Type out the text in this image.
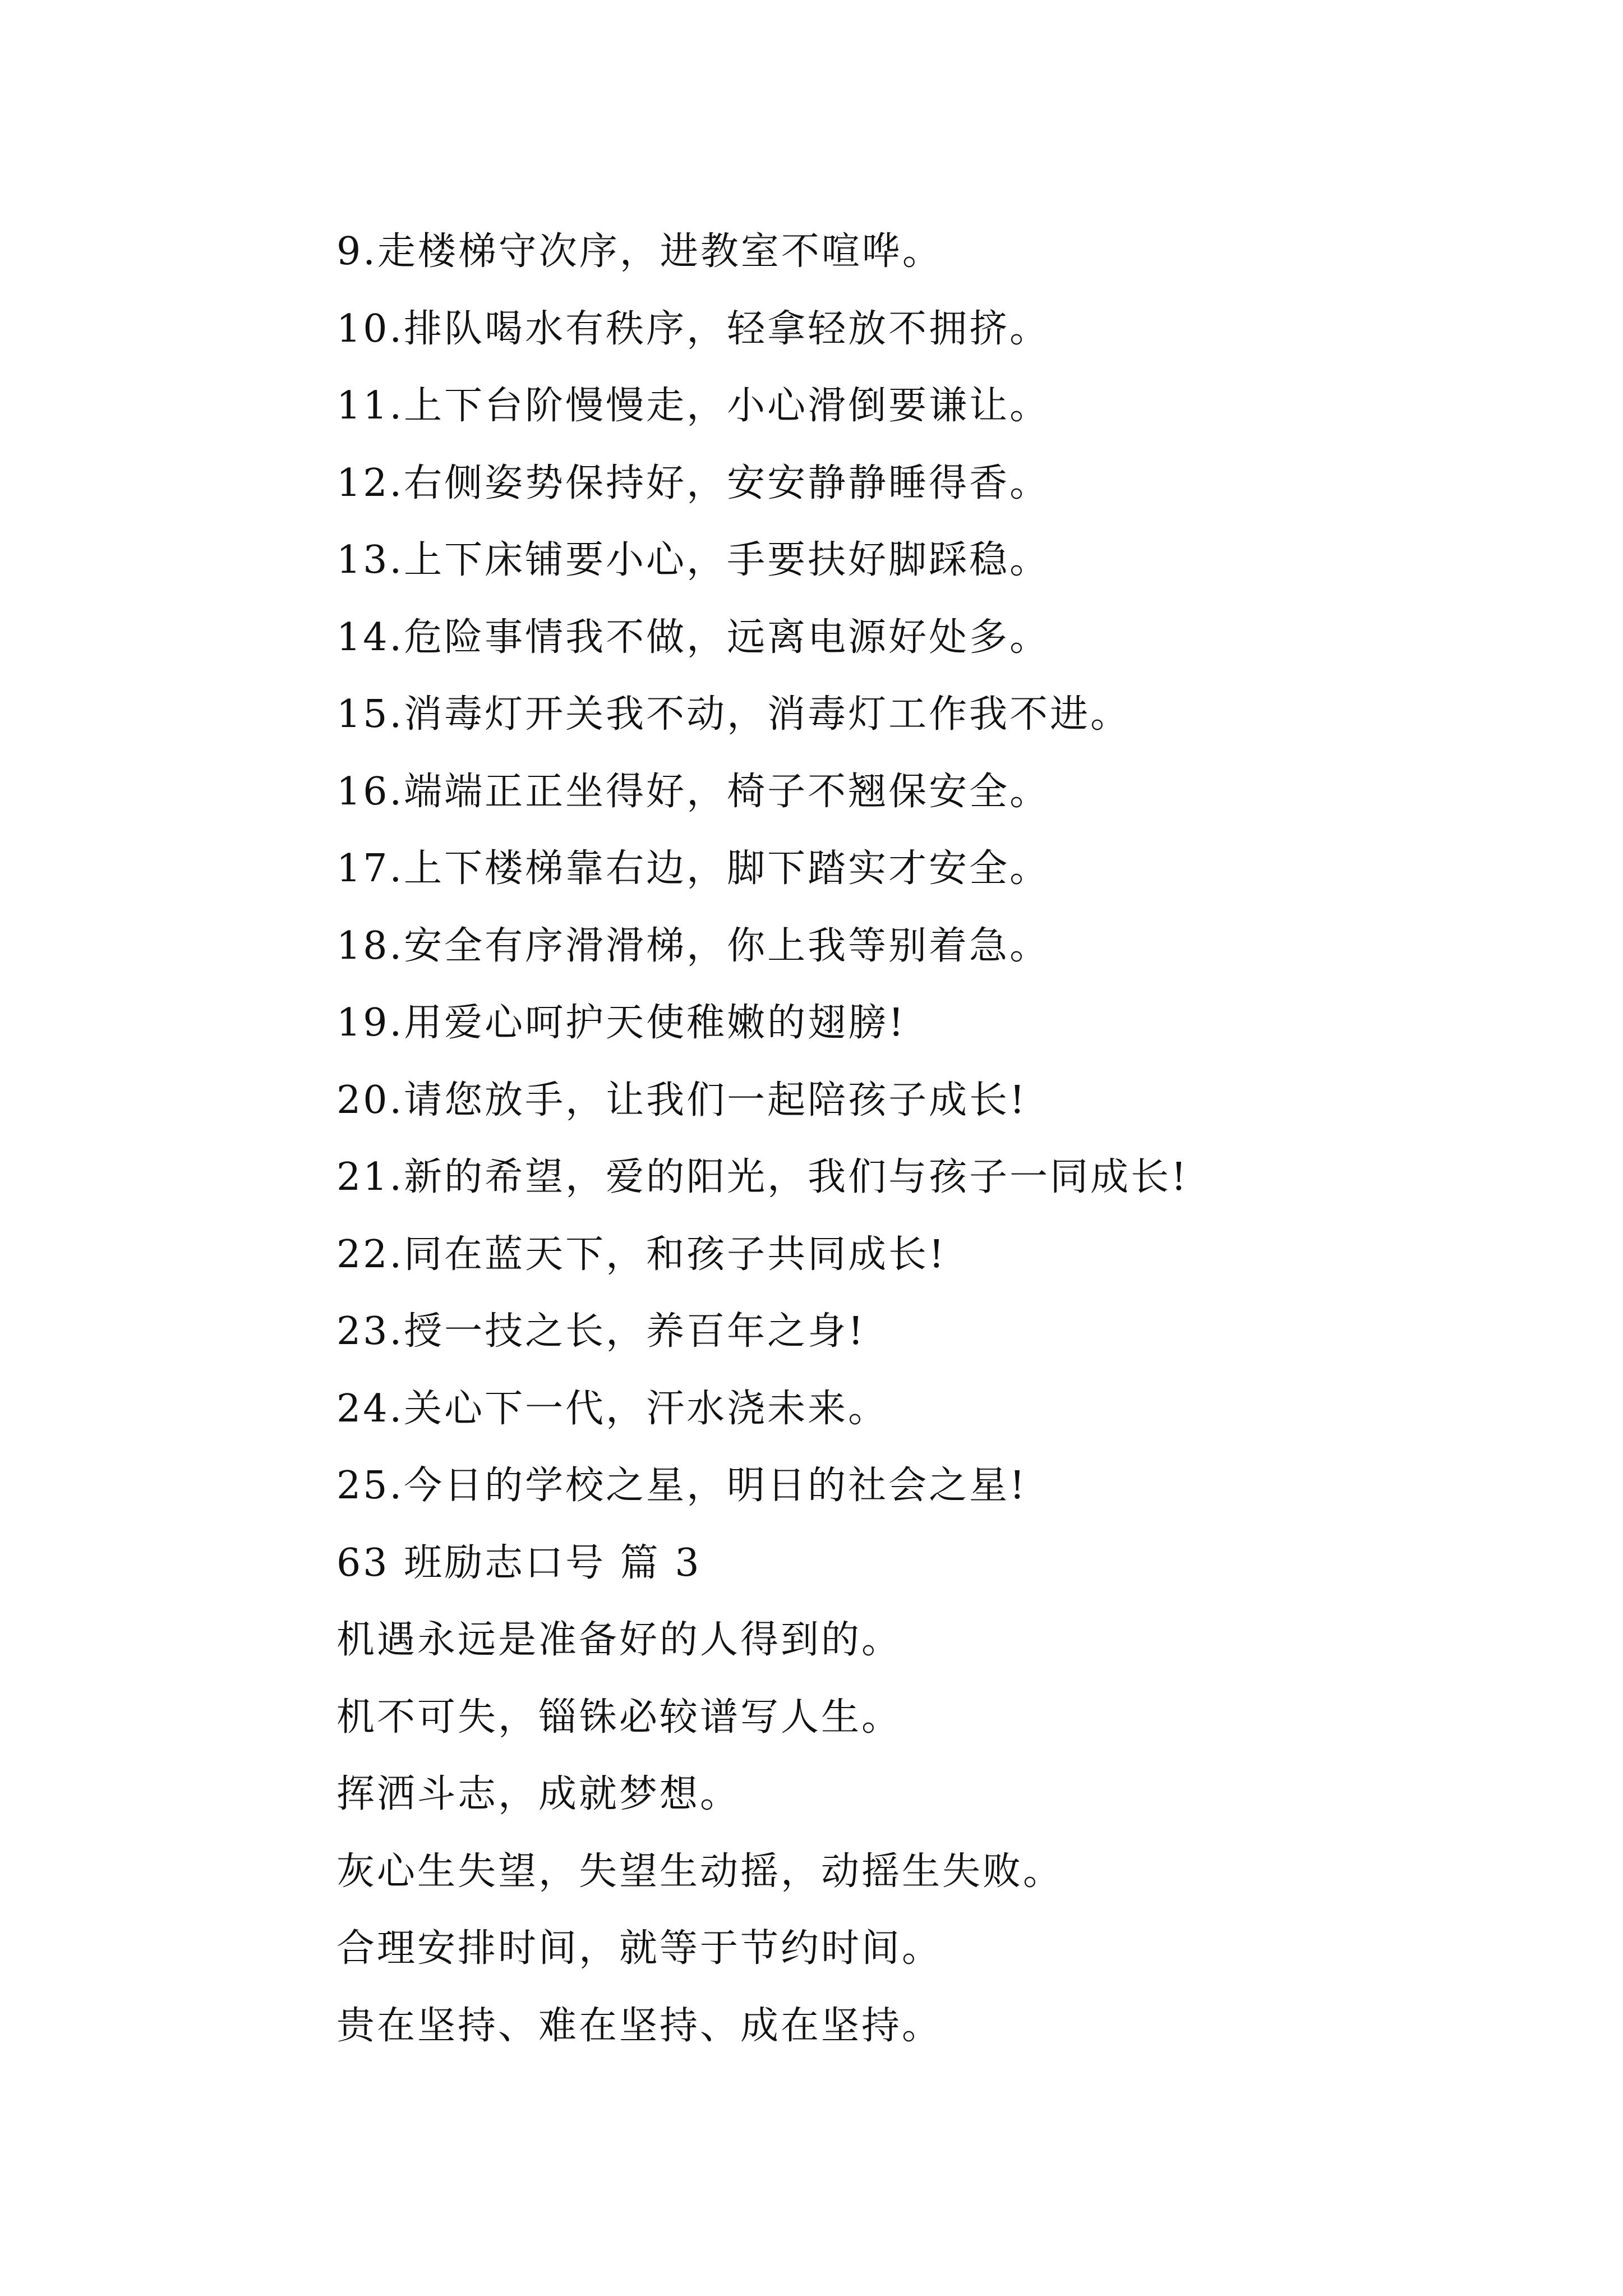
9.走楼梯守次序，进教室不喧哗。
10.排队喝水有秩序，轻拿轻放不拥挤。
11.上下台阶慢慢走，小心滑倒要谦让。
12.右侧姿势保持好，安安静静睡得香。
13.上下床铺要小心，手要扶好脚踩稳。
14.危险事情我不做，远离电源好处多。
15.消毒灯开关我不动，消毒灯工作我不进。
16.端端正正坐得好，椅子不翘保安全。
17.上下楼梯靠右边，脚下踏实才安全。
18.安全有序滑滑梯，你上我等别着急。
19.用爱心呵护天使稚嫩的翅膀!
20.请您放手，让我们一起陪孩子成长!
21.新的希望，爱的阳光，我们与孩子一同成长!
22.同在蓝天下，和孩子共同成长!
23.授一技之长，养百年之身!
24.关心下一代，汗水浇未来。
25.今日的学校之星，明日的社会之星!
63 班励志口号 篇 3
机遇永远是准备好的人得到的。
机不可失，锱铢必较谱写人生。
挥洒斗志，成就梦想。
灰心生失望，失望生动摇，动摇生失败。
合理安排时间，就等于节约时间。
贵在坚持、难在坚持、成在坚持。
